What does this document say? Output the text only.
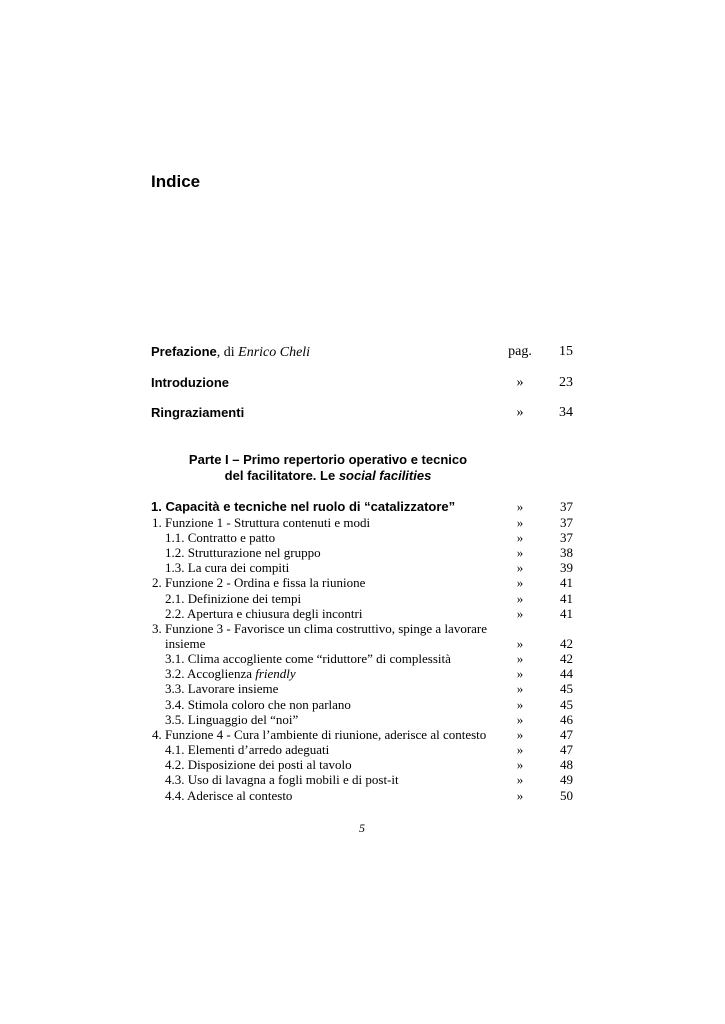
Indice
Prefazione, di Enrico Cheli	pag.	15
Introduzione	»	23
Ringraziamenti	»	34
Parte I – Primo repertorio operativo e tecnico
del facilitatore. Le social facilities
1. Capacità e tecniche nel ruolo di “catalizzatore”	»	37
1. Funzione 1 - Struttura contenuti e modi	»	37
1.1. Contratto e patto	»	37
1.2. Strutturazione nel gruppo	»	38
1.3. La cura dei compiti	»	39
2. Funzione 2 - Ordina e fissa la riunione	»	41
2.1. Definizione dei tempi	»	41
2.2. Apertura e chiusura degli incontri	»	41
3. Funzione 3 - Favorisce un clima costruttivo, spinge a lavorare
insieme	»	42
3.1. Clima accogliente come “riduttore” di complessità	»	42
3.2. Accoglienza friendly	»	44
3.3. Lavorare insieme	»	45
3.4. Stimola coloro che non parlano	»	45
3.5. Linguaggio del “noi”	»	46
4. Funzione 4 - Cura l’ambiente di riunione, aderisce al contesto	»	47
4.1. Elementi d’arredo adeguati	»	47
4.2. Disposizione dei posti al tavolo	»	48
4.3. Uso di lavagna a fogli mobili e di post-it	»	49
4.4. Aderisce al contesto	»	50
5
